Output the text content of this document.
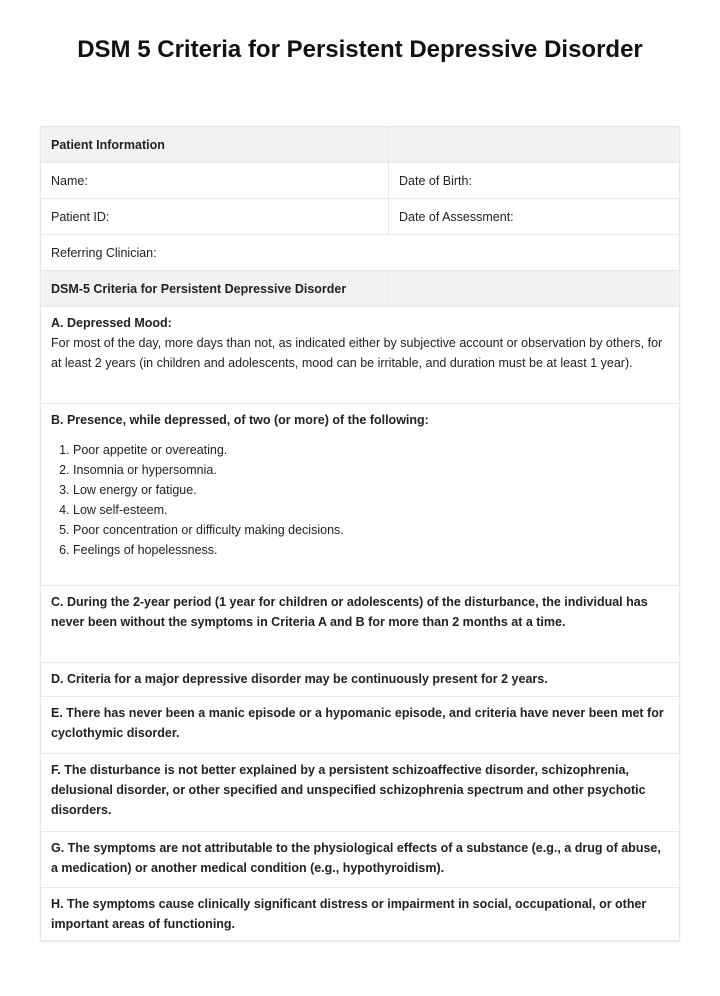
DSM 5 Criteria for Persistent Depressive Disorder
Patient Information
Name:	Date of Birth:
Patient ID:	Date of Assessment:
Referring Clinician:
DSM-5 Criteria for Persistent Depressive Disorder
A. Depressed Mood:
For most of the day, more days than not, as indicated either by subjective account or observation by others, for at least 2 years (in children and adolescents, mood can be irritable, and duration must be at least 1 year).
B. Presence, while depressed, of two (or more) of the following:
1. Poor appetite or overeating.
2. Insomnia or hypersomnia.
3. Low energy or fatigue.
4. Low self-esteem.
5. Poor concentration or difficulty making decisions.
6. Feelings of hopelessness.
C. During the 2-year period (1 year for children or adolescents) of the disturbance, the individual has never been without the symptoms in Criteria A and B for more than 2 months at a time.
D. Criteria for a major depressive disorder may be continuously present for 2 years.
E. There has never been a manic episode or a hypomanic episode, and criteria have never been met for cyclothymic disorder.
F. The disturbance is not better explained by a persistent schizoaffective disorder, schizophrenia, delusional disorder, or other specified and unspecified schizophrenia spectrum and other psychotic disorders.
G. The symptoms are not attributable to the physiological effects of a substance (e.g., a drug of abuse, a medication) or another medical condition (e.g., hypothyroidism).
H. The symptoms cause clinically significant distress or impairment in social, occupational, or other important areas of functioning.
